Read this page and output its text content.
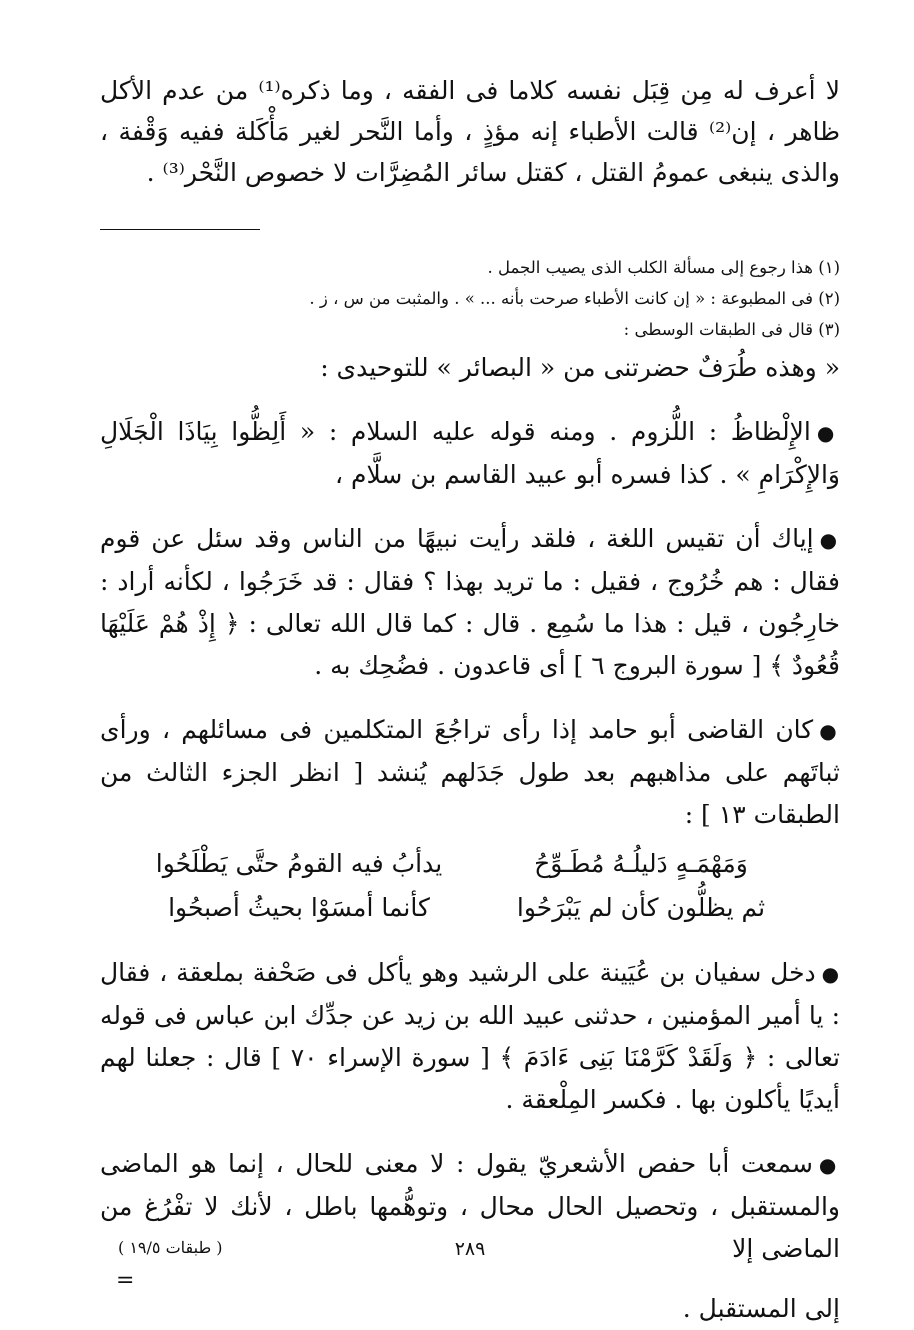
لا أعرف له مِن قِبَل نفسه كلاما فى الفقه ، وما ذكره⁽¹⁾ من عدم الأكل ظاهر ، إن⁽²⁾ قالت الأطباء إنه مؤذٍ ، وأما النَّحر لغير مَأْكَلة ففيه وَقْفة ، والذى ينبغى عمومُ القتل ، كقتل سائر المُضِرَّات لا خصوص النَّحْر⁽³⁾ .

(١) هذا رجوع إلى مسألة الكلب الذى يصيب الجمل .

(٢) فى المطبوعة : « إن كانت الأطباء صرحت بأنه ... » . والمثبت من س ، ز .

(٣) قال فى الطبقات الوسطى :

« وهذه طُرَفٌ حضرتنى من « البصائر » للتوحيدى :

●الإِلْظاظُ : اللُّزوم . ومنه قوله عليه السلام : « أَلِظُّوا بِيَاذَا الْجَلَالِ وَالإِكْرَامِ » . كذا فسره أبو عبيد القاسم بن سلَّام ،

●إياك أن تقيس اللغة ، فلقد رأيت نبيهًا من الناس وقد سئل عن قوم فقال : هم خُرُوج ، فقيل : ما تريد بهذا ؟ فقال : قد خَرَجُوا ، لكأنه أراد : خارِجُون ، قيل : هذا ما سُمِع . قال : كما قال الله تعالى : ﴿ إِذْ هُمْ عَلَيْهَا قُعُودٌ ﴾ [ سورة البروج ٦ ] أى قاعدون . فضُحِك به .

●كان القاضى أبو حامد إذا رأى تراجُعَ المتكلمين فى مسائلهم ، ورأى ثباتَهم على مذاهبهم بعد طول جَدَلهم يُنشد [ انظر الجزء الثالث من الطبقات ١٣ ] :

وَمَهْمَـهٍ دَليلُـهُ مُطَـوِّحُ
يدأبُ فيه القومُ حتَّى يَطْلَحُوا
ثم يظلُّون كأن لم يَبْرَحُوا
كأنما أمسَوْا بحيثُ أصبحُوا

●دخل سفيان بن عُيَينة على الرشيد وهو يأكل فى صَحْفة بملعقة ، فقال : يا أمير المؤمنين ، حدثنى عبيد الله بن زيد عن جدِّك ابن عباس فى قوله تعالى : ﴿ وَلَقَدْ كَرَّمْنَا بَنِى ءَادَمَ ﴾ [ سورة الإسراء ٧٠ ] قال : جعلنا لهم أيديًا يأكلون بها . فكسر المِلْعقة .

●سمعت أبا حفص الأشعريّ يقول : لا معنى للحال ، إنما هو الماضى والمستقبل ، وتحصيل الحال محال ، وتوهُّمها باطل ، لأنك لا تفْرُغ من الماضى إلا

=

إلى المستقبل .

٢٨٩
( طبقات ١٩/٥ )
